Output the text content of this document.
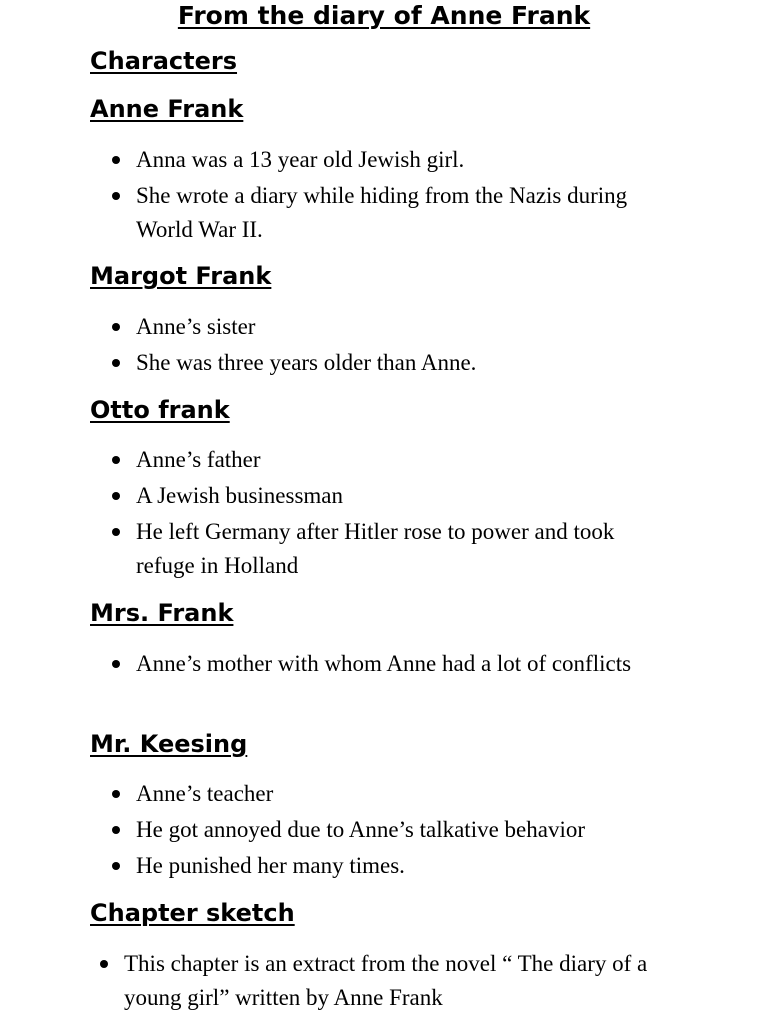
From the diary of Anne Frank
Characters
Anne Frank
Anna was a 13 year old Jewish girl.
She wrote a diary while hiding from the Nazis during World War II.
Margot Frank
Anne’s sister
She was three years older than Anne.
Otto frank
Anne’s father
A Jewish businessman
He left Germany after Hitler rose to power and took refuge in Holland
Mrs. Frank
Anne’s mother with whom Anne had a lot of conflicts
Mr. Keesing
Anne’s teacher
He got annoyed due to Anne’s talkative behavior
He punished her many times.
Chapter sketch
This chapter is an extract from the novel “ The diary of a young girl” written by Anne Frank
